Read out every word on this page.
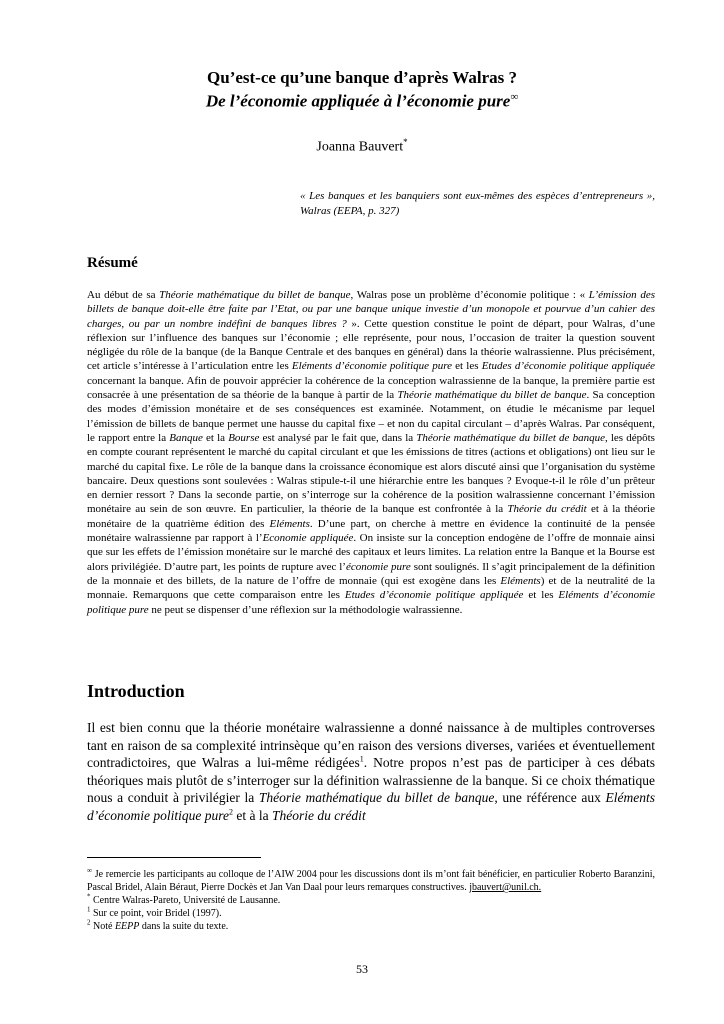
Qu’est-ce qu’une banque d’après Walras ?
De l’économie appliquée à l’économie pure∞
Joanna Bauvert*
« Les banques et les banquiers sont eux-mêmes des espèces d’entrepreneurs », Walras (EEPA, p. 327)
Résumé
Au début de sa Théorie mathématique du billet de banque, Walras pose un problème d’économie politique : « L’émission des billets de banque doit-elle être faite par l’Etat, ou par une banque unique investie d’un monopole et pourvue d’un cahier des charges, ou par un nombre indéfini de banques libres ? ». Cette question constitue le point de départ, pour Walras, d’une réflexion sur l’influence des banques sur l’économie ; elle représente, pour nous, l’occasion de traiter la question souvent négligée du rôle de la banque (de la Banque Centrale et des banques en général) dans la théorie walrassienne. Plus précisément, cet article s’intéresse à l’articulation entre les Eléments d’économie politique pure et les Etudes d’économie politique appliquée concernant la banque. Afin de pouvoir apprécier la cohérence de la conception walrassienne de la banque, la première partie est consacrée à une présentation de sa théorie de la banque à partir de la Théorie mathématique du billet de banque. Sa conception des modes d’émission monétaire et de ses conséquences est examinée. Notamment, on étudie le mécanisme par lequel l’émission de billets de banque permet une hausse du capital fixe – et non du capital circulant – d’après Walras. Par conséquent, le rapport entre la Banque et la Bourse est analysé par le fait que, dans la Théorie mathématique du billet de banque, les dépôts en compte courant représentent le marché du capital circulant et que les émissions de titres (actions et obligations) ont lieu sur le marché du capital fixe. Le rôle de la banque dans la croissance économique est alors discuté ainsi que l’organisation du système bancaire. Deux questions sont soulevées : Walras stipule-t-il une hiérarchie entre les banques ? Evoque-t-il le rôle d’un prêteur en dernier ressort ? Dans la seconde partie, on s’interroge sur la cohérence de la position walrassienne concernant l’émission monétaire au sein de son œuvre. En particulier, la théorie de la banque est confrontée à la Théorie du crédit et à la théorie monétaire de la quatrième édition des Eléments. D’une part, on cherche à mettre en évidence la continuité de la pensée monétaire walrassienne par rapport à l’Economie appliquée. On insiste sur la conception endogène de l’offre de monnaie ainsi que sur les effets de l’émission monétaire sur le marché des capitaux et leurs limites. La relation entre la Banque et la Bourse est alors privilégiée. D’autre part, les points de rupture avec l’économie pure sont soulignés. Il s’agit principalement de la définition de la monnaie et des billets, de la nature de l’offre de monnaie (qui est exogène dans les Eléments) et de la neutralité de la monnaie. Remarquons que cette comparaison entre les Etudes d’économie politique appliquée et les Eléments d’économie politique pure ne peut se dispenser d’une réflexion sur la méthodologie walrassienne.
Introduction
Il est bien connu que la théorie monétaire walrassienne a donné naissance à de multiples controverses tant en raison de sa complexité intrinsèque qu’en raison des versions diverses, variées et éventuellement contradictoires, que Walras a lui-même rédigées$^1$. Notre propos n’est pas de participer à ces débats théoriques mais plutôt de s’interroger sur la définition walrassienne de la banque. Si ce choix thématique nous a conduit à privilégier la Théorie mathématique du billet de banque, une référence aux Eléments d’économie politique pure$^2$ et à la Théorie du crédit

∞ Je remercie les participants au colloque de l’AIW 2004 pour les discussions dont ils m’ont fait bénéficier, en particulier Roberto Baranzini, Pascal Bridel, Alain Béraut, Pierre Dockès et Jan Van Daal pour leurs remarques constructives. jbauvert@unil.ch.

* Centre Walras-Pareto, Université de Lausanne.

$^1$ Sur ce point, voir Bridel (1997).

$^2$ Noté EEPP dans la suite du texte.

53
